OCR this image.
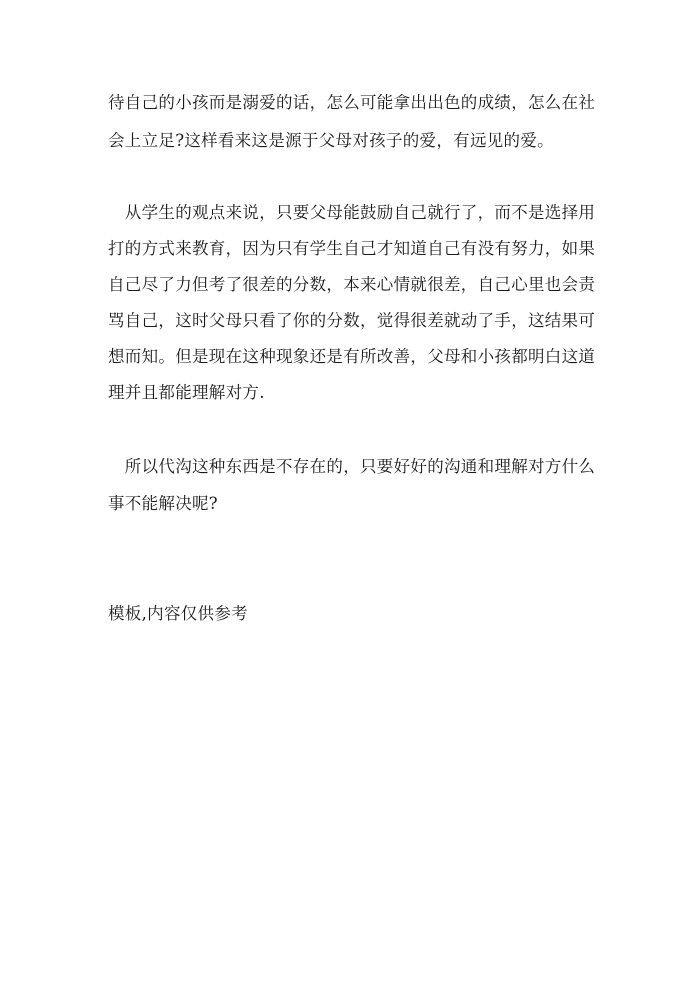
待自己的小孩而是溺爱的话，怎么可能拿出出色的成绩，怎么在社
会上立足?这样看来这是源于父母对孩子的爱，有远见的爱。
　从学生的观点来说，只要父母能鼓励自己就行了，而不是选择用
打的方式来教育，因为只有学生自己才知道自己有没有努力，如果
自己尽了力但考了很差的分数，本来心情就很差，自己心里也会责
骂自己，这时父母只看了你的分数，觉得很差就动了手，这结果可
想而知。但是现在这种现象还是有所改善，父母和小孩都明白这道
理并且都能理解对方.
　所以代沟这种东西是不存在的，只要好好的沟通和理解对方什么
事不能解决呢?
模板,内容仅供参考
